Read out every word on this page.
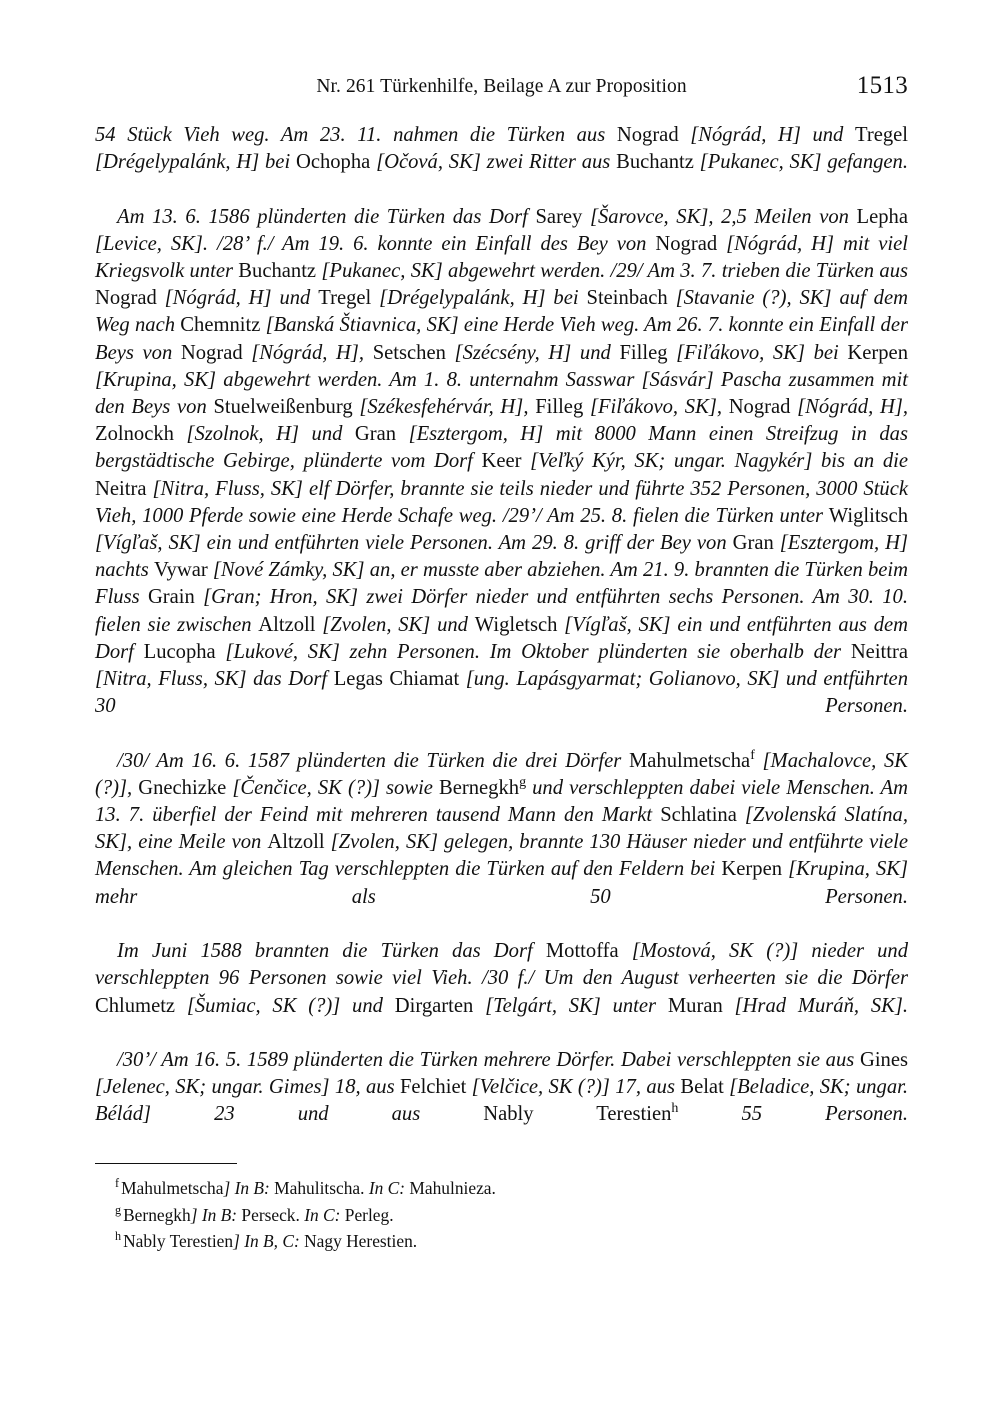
Nr. 261 Türkenhilfe, Beilage A zur Proposition	1513

54 Stück Vieh weg. Am 23. 11. nahmen die Türken aus Nograd [Nógrád, H] und Tregel [Drégelypalánk, H] bei Ochopha [Očová, SK] zwei Ritter aus Buchantz [Pukanec, SK] gefangen.

Am 13. 6. 1586 plünderten die Türken das Dorf Sarey [Šarovce, SK], 2,5 Meilen von Lepha [Levice, SK]. /28’ f./ Am 19. 6. konnte ein Einfall des Bey von Nograd [Nógrád, H] mit viel Kriegsvolk unter Buchantz [Pukanec, SK] abgewehrt werden. /29/ Am 3. 7. trieben die Türken aus Nograd [Nógrád, H] und Tregel [Drégelypalánk, H] bei Steinbach [Stavanie (?), SK] auf dem Weg nach Chemnitz [Banská Štiavnica, SK] eine Herde Vieh weg. Am 26. 7. konnte ein Einfall der Beys von Nograd [Nógrád, H], Setschen [Szécsény, H] und Filleg [Fiľákovo, SK] bei Kerpen [Krupina, SK] abgewehrt werden. Am 1. 8. unternahm Sasswar [Sásvár] Pascha zusammen mit den Beys von Stuelweißenburg [Székesfehérvár, H], Filleg [Fiľákovo, SK], Nograd [Nógrád, H], Zolnockh [Szolnok, H] und Gran [Esztergom, H] mit 8000 Mann einen Streifzug in das bergstädtische Gebirge, plünderte vom Dorf Keer [Veľký Kýr, SK; ungar. Nagykér] bis an die Neitra [Nitra, Fluss, SK] elf Dörfer, brannte sie teils nieder und führte 352 Personen, 3000 Stück Vieh, 1000 Pferde sowie eine Herde Schafe weg. /29’/ Am 25. 8. fielen die Türken unter Wiglitsch [Vígľaš, SK] ein und entführten viele Personen. Am 29. 8. griff der Bey von Gran [Esztergom, H] nachts Vywar [Nové Zámky, SK] an, er musste aber abziehen. Am 21. 9. brannten die Türken beim Fluss Grain [Gran; Hron, SK] zwei Dörfer nieder und entführten sechs Personen. Am 30. 10. fielen sie zwischen Altzoll [Zvolen, SK] und Wigletsch [Vígľaš, SK] ein und entführten aus dem Dorf Lucopha [Lukové, SK] zehn Personen. Im Oktober plünderten sie oberhalb der Neittra [Nitra, Fluss, SK] das Dorf Legas Chiamat [ung. Lapásgyarmat; Golianovo, SK] und entführten 30 Personen.

/30/ Am 16. 6. 1587 plünderten die Türken die drei Dörfer Mahulmetscha$^f$ [Machalovce, SK (?)], Gnechizke [Čenčice, SK (?)] sowie Bernegkh$^g$ und verschleppten dabei viele Menschen. Am 13. 7. überfiel der Feind mit mehreren tausend Mann den Markt Schlatina [Zvolenská Slatína, SK], eine Meile von Altzoll [Zvolen, SK] gelegen, brannte 130 Häuser nieder und entführte viele Menschen. Am gleichen Tag verschleppten die Türken auf den Feldern bei Kerpen [Krupina, SK] mehr als 50 Personen.

Im Juni 1588 brannten die Türken das Dorf Mottoffa [Mostová, SK (?)] nieder und verschleppten 96 Personen sowie viel Vieh. /30 f./ Um den August verheerten sie die Dörfer Chlumetz [Šumiac, SK (?)] und Dirgarten [Telgárt, SK] unter Muran [Hrad Muráň, SK].

/30’/ Am 16. 5. 1589 plünderten die Türken mehrere Dörfer. Dabei verschleppten sie aus Gines [Jelenec, SK; ungar. Gimes] 18, aus Felchiet [Velčice, SK (?)] 17, aus Belat [Beladice, SK; ungar. Bélád] 23 und aus Nably Terestien$^h$ 55 Personen.

$^f$ Mahulmetscha] In B: Mahulitscha. In C: Mahulnieza.

$^g$ Bernegkh] In B: Perseck. In C: Perleg.

$^h$ Nably Terestien] In B, C: Nagy Herestien.
